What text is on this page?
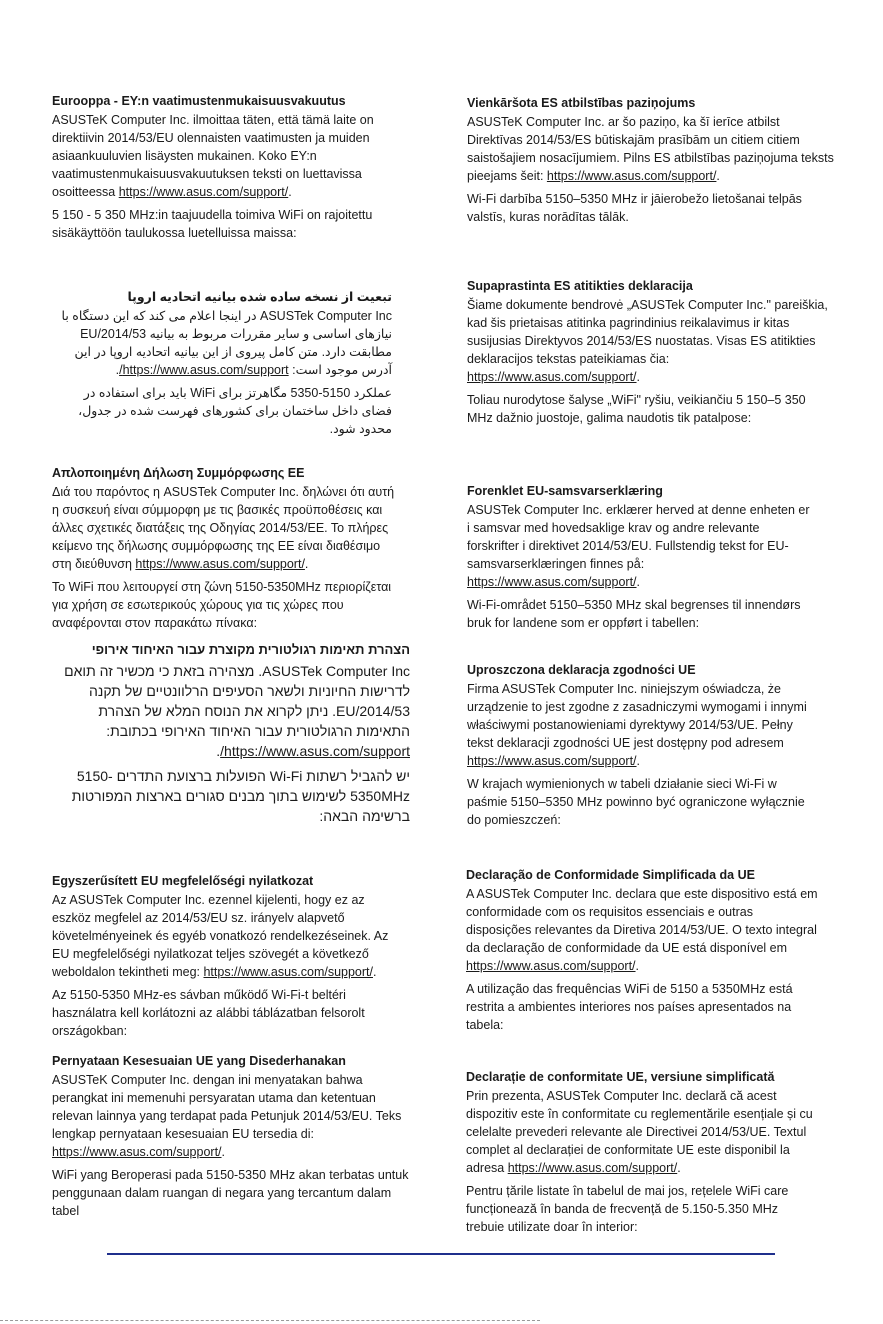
Eurooppa - EY:n vaatimustenmukaisuusvakuutus

ASUSTeK Computer Inc. ilmoittaa täten, että tämä laite on direktiivin 2014/53/EU olennaisten vaatimusten ja muiden asiaankuuluvien lisäysten mukainen. Koko EY:n vaatimustenmukaisuusvakuutuksen teksti on luettavissa osoitteessa https://www.asus.com/support/.

5 150 - 5 350 MHz:in taajuudella toimiva WiFi on rajoitettu sisäkäyttöön taulukossa luetelluissa maissa:

Vienkāršota ES atbilstības paziņojums

ASUSTeK Computer Inc. ar šo paziņo, ka šī ierīce atbilst Direktīvas 2014/53/ES būtiskajām prasībām un citiem citiem saistošajiem nosacījumiem. Pilns ES atbilstības paziņojuma teksts pieejams šeit: https://www.asus.com/support/.

Wi-Fi darbība 5150–5350 MHz ir jāierobežo lietošanai telpās valstīs, kuras norādītas tālāk.

تبعیت از نسخه ساده شده بیانیه اتحادیه اروپا

ASUSTek Computer Inc در اینجا اعلام می کند که این دستگاه با نیازهای اساسی و سایر مقررات مربوط به بیانیه 2014/53/EU مطابقت دارد. متن کامل پیروی از این بیانیه اتحادیه اروپا در این آدرس موجود است: https://www.asus.com/support/.

عملکرد 5150-5350 مگاهرتز برای WiFi باید برای استفاده در فضای داخل ساختمان برای کشورهای فهرست شده در جدول، محدود شود.

Supaprastinta ES atitikties deklaracija

Šiame dokumente bendrovė „ASUSTek Computer Inc." pareiškia, kad šis prietaisas atitinka pagrindinius reikalavimus ir kitas susijusias Direktyvos 2014/53/ES nuostatas. Visas ES atitikties deklaracijos tekstas pateikiamas čia: https://www.asus.com/support/.

Toliau nurodytose šalyse „WiFi" ryšiu, veikiančiu 5 150–5 350 MHz dažnio juostoje, galima naudotis tik patalpose:

Απλοποιημένη Δήλωση Συμμόρφωσης ΕΕ

Διά του παρόντος η ASUSTek Computer Inc. δηλώνει ότι αυτή η συσκευή είναι σύμμορφη με τις βασικές προϋποθέσεις και άλλες σχετικές διατάξεις της Οδηγίας 2014/53/ΕΕ. Το πλήρες κείμενο της δήλωσης συμμόρφωσης της ΕΕ είναι διαθέσιμο στη διεύθυνση https://www.asus.com/support/.

Το WiFi που λειτουργεί στη ζώνη 5150-5350MHz περιορίζεται για χρήση σε εσωτερικούς χώρους για τις χώρες που αναφέρονται στον παρακάτω πίνακα:

Forenklet EU-samsvarserklæring

ASUSTek Computer Inc. erklærer herved at denne enheten er i samsvar med hovedsaklige krav og andre relevante forskrifter i direktivet 2014/53/EU. Fullstendig tekst for EU-samsvarserklæringen finnes på: https://www.asus.com/support/.

Wi-Fi-området 5150–5350 MHz skal begrenses til innendørs bruk for landene som er oppført i tabellen:

הצהרת תאימות רגולטורית מקוצרת עבור האיחוד אירופי

ASUSTek Computer Inc. מצהירה בזאת כי מכשיר זה תואם לדרישות החיוניות ולשאר הסעיפים הרלוונטיים של תקנה 2014/53/EU. ניתן לקרוא את הנוסח המלא של הצהרת התאימות הרגולטורית עבור האיחוד האירופי בכתובת: https://www.asus.com/support/.

יש להגביל רשתות Wi-Fi הפועלות ברצועת התדרים 5150-5350MHz לשימוש בתוך מבנים סגורים בארצות המפורטות ברשימה הבאה:

Uproszczona deklaracja zgodności UE

Firma ASUSTek Computer Inc. niniejszym oświadcza, że urządzenie to jest zgodne z zasadniczymi wymogami i innymi właściwymi postanowieniami dyrektywy 2014/53/UE. Pełny tekst deklaracji zgodności UE jest dostępny pod adresem https://www.asus.com/support/.

W krajach wymienionych w tabeli działanie sieci Wi-Fi w paśmie 5150–5350 MHz powinno być ograniczone wyłącznie do pomieszczeń:

Egyszerűsített EU megfelelőségi nyilatkozat

Az ASUSTek Computer Inc. ezennel kijelenti, hogy ez az eszköz megfelel az 2014/53/EU sz. irányelv alapvető követelményeinek és egyéb vonatkozó rendelkezéseinek. Az EU megfelelőségi nyilatkozat teljes szövegét a következő weboldalon tekintheti meg: https://www.asus.com/support/.

Az 5150-5350 MHz-es sávban működő Wi-Fi-t beltéri használatra kell korlátozni az alábbi táblázatban felsorolt országokban:

Declaração de Conformidade Simplificada da UE

A ASUSTek Computer Inc. declara que este dispositivo está em conformidade com os requisitos essenciais e outras disposições relevantes da Diretiva 2014/53/UE. O texto integral da declaração de conformidade da UE está disponível em https://www.asus.com/support/.

A utilização das frequências WiFi de 5150 a 5350MHz está restrita a ambientes interiores nos países apresentados na tabela:

Pernyataan Kesesuaian UE yang Disederhanakan

ASUSTeK Computer Inc. dengan ini menyatakan bahwa perangkat ini memenuhi persyaratan utama dan ketentuan relevan lainnya yang terdapat pada Petunjuk 2014/53/EU. Teks lengkap pernyataan kesesuaian EU tersedia di: https://www.asus.com/support/.

WiFi yang Beroperasi pada 5150-5350 MHz akan terbatas untuk penggunaan dalam ruangan di negara yang tercantum dalam tabel

Declarație de conformitate UE, versiune simplificată

Prin prezenta, ASUSTek Computer Inc. declară că acest dispozitiv este în conformitate cu reglementările esențiale și cu celelalte prevederi relevante ale Directivei 2014/53/UE. Textul complet al declarației de conformitate UE este disponibil la adresa https://www.asus.com/support/.

Pentru țările listate în tabelul de mai jos, rețelele WiFi care funcționează în banda de frecvență de 5.150-5.350 MHz trebuie utilizate doar în interior:
